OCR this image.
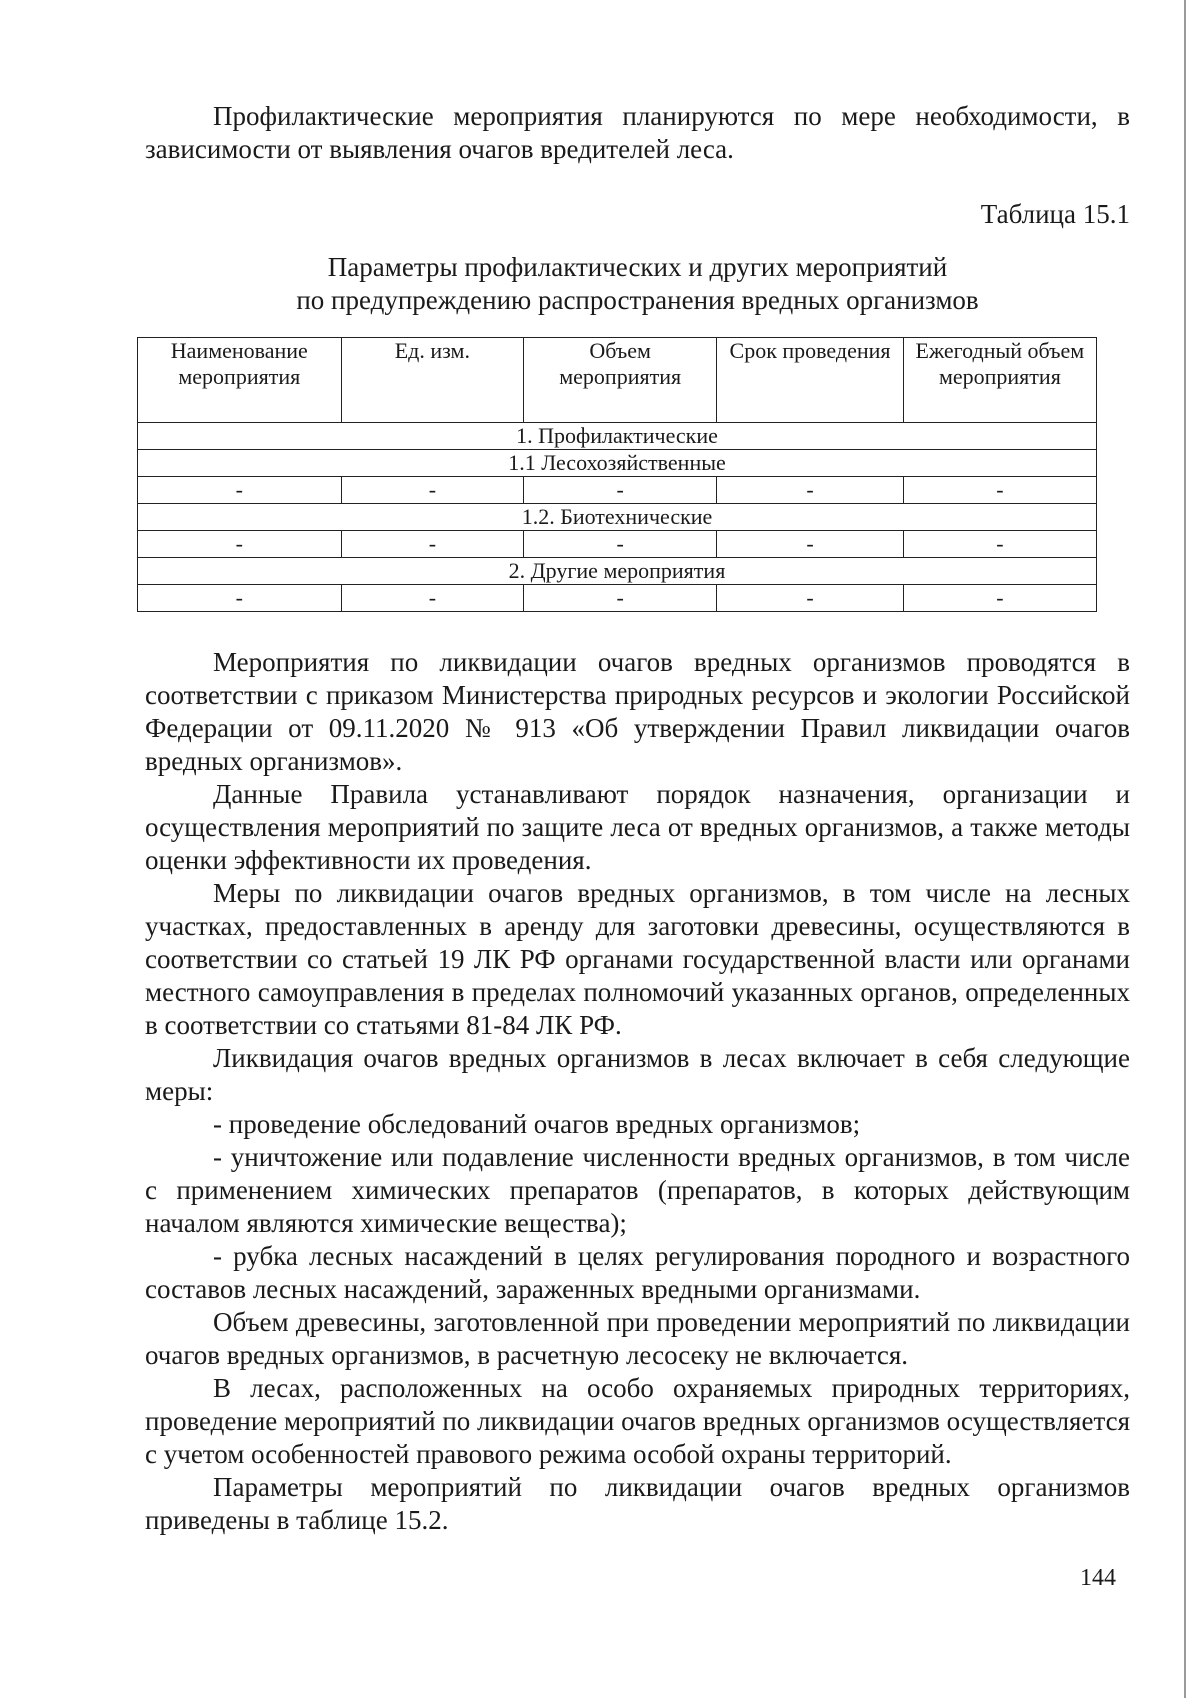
Профилактические мероприятия планируются по мере необходимости, в зависимости от выявления очагов вредителей леса.

Таблица 15.1
Параметры профилактических и других мероприятий
по предупреждению распространения вредных организмов
Наименование мероприятия	Ед. изм.	Объем мероприятия	Срок проведения	Ежегодный объем мероприятия
1. Профилактические				
1.1 Лесохозяйственные				
-	-	-	-	-
1.2. Биотехнические				
-	-	-	-	-
2. Другие мероприятия				
-	-	-	-	-

Мероприятия по ликвидации очагов вредных организмов проводятся в соответствии с приказом Министерства природных ресурсов и экологии Российской Федерации от 09.11.2020 № 913 «Об утверждении Правил ликвидации очагов вредных организмов».

Данные Правила устанавливают порядок назначения, организации и осуществления мероприятий по защите леса от вредных организмов, а также методы оценки эффективности их проведения.

Меры по ликвидации очагов вредных организмов, в том числе на лесных участках, предоставленных в аренду для заготовки древесины, осуществляются в соответствии со статьей 19 ЛК РФ органами государственной власти или органами местного самоуправления в пределах полномочий указанных органов, определенных в соответствии со статьями 81-84 ЛК РФ.

Ликвидация очагов вредных организмов в лесах включает в себя следующие меры:

- проведение обследований очагов вредных организмов;

- уничтожение или подавление численности вредных организмов, в том числе с применением химических препаратов (препаратов, в которых действующим началом являются химические вещества);

- рубка лесных насаждений в целях регулирования породного и возрастного составов лесных насаждений, зараженных вредными организмами.

Объем древесины, заготовленной при проведении мероприятий по ликвидации очагов вредных организмов, в расчетную лесосеку не включается.

В лесах, расположенных на особо охраняемых природных территориях, проведение мероприятий по ликвидации очагов вредных организмов осуществляется с учетом особенностей правового режима особой охраны территорий.

Параметры мероприятий по ликвидации очагов вредных организмов приведены в таблице 15.2.

144
